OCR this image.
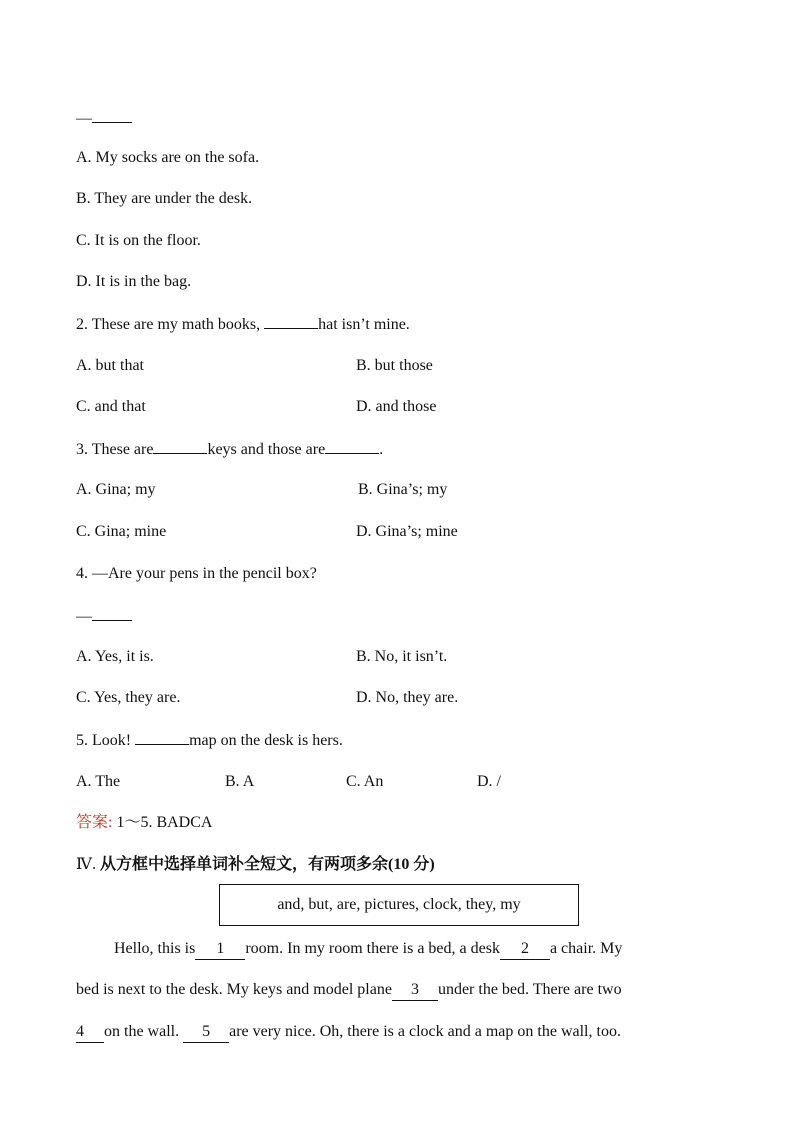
—
A. My socks are on the sofa.
B. They are under the desk.
C. It is on the floor.
D. It is in the bag.
2. These are my math books,	hat isn’t mine.
A. but that	B. but those
C. and that	D. and those
3. These are	keys and those are	.
A. Gina; my	B. Gina’s; my
C. Gina; mine	D. Gina’s; mine
4. —Are your pens in the pencil box?
—
A. Yes, it is.	B. No, it isn’t.
C. Yes, they are.	D. No, they are.
5. Look!	map on the desk is hers.
A. The	B. A	C. An	D. /
答案: 1～5. BADCA
Ⅳ. 从方框中选择单词补全短文，有两项多余(10 分)
and, but, are, pictures, clock, they, my
Hello, this is 1 room. In my room there is a bed, a desk 2 a chair. My
bed is next to the desk. My keys and model plane 3 under the bed. There are two
4 on the wall. 5 are very nice. Oh, there is a clock and a map on the wall, too.
